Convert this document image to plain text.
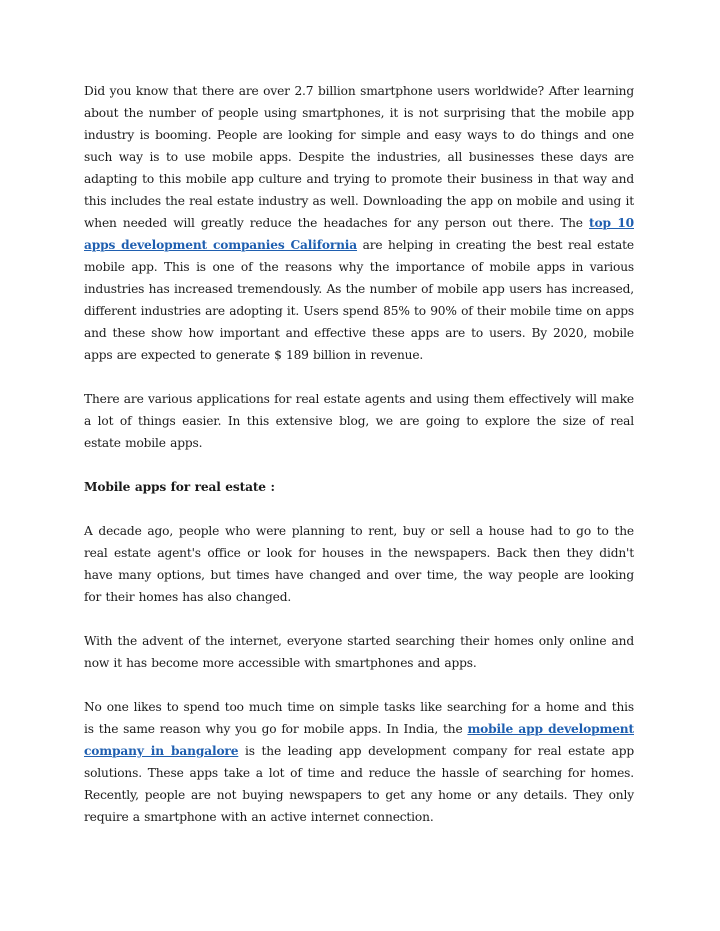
Did you know that there are over 2.7 billion smartphone users worldwide? After learning about the number of people using smartphones, it is not surprising that the mobile app industry is booming. People are looking for simple and easy ways to do things and one such way is to use mobile apps. Despite the industries, all businesses these days are adapting to this mobile app culture and trying to promote their business in that way and this includes the real estate industry as well. Downloading the app on mobile and using it when needed will greatly reduce the headaches for any person out there. The top 10 apps development companies California are helping in creating the best real estate mobile app. This is one of the reasons why the importance of mobile apps in various industries has increased tremendously. As the number of mobile app users has increased, different industries are adopting it. Users spend 85% to 90% of their mobile time on apps and these show how important and effective these apps are to users. By 2020, mobile apps are expected to generate $ 189 billion in revenue.

There are various applications for real estate agents and using them effectively will make a lot of things easier. In this extensive blog, we are going to explore the size of real estate mobile apps.

Mobile apps for real estate :

A decade ago, people who were planning to rent, buy or sell a house had to go to the real estate agent's office or look for houses in the newspapers. Back then they didn't have many options, but times have changed and over time, the way people are looking for their homes has also changed.

With the advent of the internet, everyone started searching their homes only online and now it has become more accessible with smartphones and apps.

No one likes to spend too much time on simple tasks like searching for a home and this is the same reason why you go for mobile apps. In India, the mobile app development company in bangalore is the leading app development company for real estate app solutions. These apps take a lot of time and reduce the hassle of searching for homes. Recently, people are not buying newspapers to get any home or any details. They only require a smartphone with an active internet connection.
